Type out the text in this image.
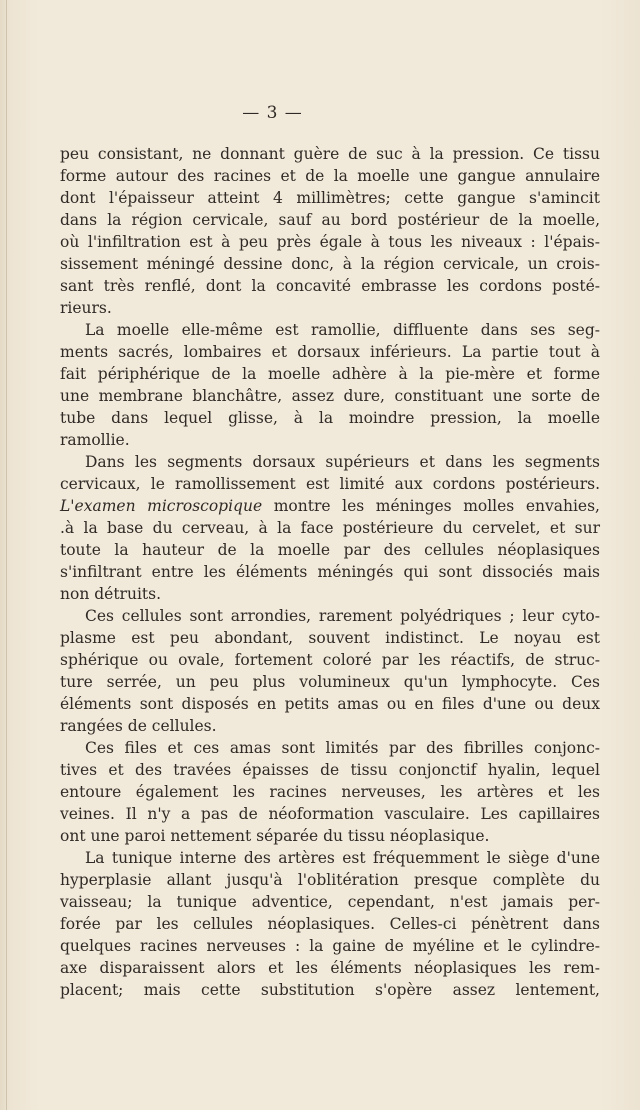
— 3 —
peu consistant, ne donnant guère de suc à la pression. Ce tissu
forme autour des racines et de la moelle une gangue annulaire
dont l'épaisseur atteint 4 millimètres; cette gangue s'amincit
dans la région cervicale, sauf au bord postérieur de la moelle,
où l'infiltration est à peu près égale à tous les niveaux : l'épais-
sissement méningé dessine donc, à la région cervicale, un crois-
sant très renflé, dont la concavité embrasse les cordons posté-
rieurs.
La moelle elle-même est ramollie, diffluente dans ses seg-
ments sacrés, lombaires et dorsaux inférieurs. La partie tout à
fait périphérique de la moelle adhère à la pie-mère et forme
une membrane blanchâtre, assez dure, constituant une sorte de
tube dans lequel glisse, à la moindre pression, la moelle
ramollie.
Dans les segments dorsaux supérieurs et dans les segments
cervicaux, le ramollissement est limité aux cordons postérieurs.
L'examen microscopique montre les méninges molles envahies,
.à la base du cerveau, à la face postérieure du cervelet, et sur
toute la hauteur de la moelle par des cellules néoplasiques
s'infiltrant entre les éléments méningés qui sont dissociés mais
non détruits.
Ces cellules sont arrondies, rarement polyédriques ; leur cyto-
plasme est peu abondant, souvent indistinct. Le noyau est
sphérique ou ovale, fortement coloré par les réactifs, de struc-
ture serrée, un peu plus volumineux qu'un lymphocyte. Ces
éléments sont disposés en petits amas ou en files d'une ou deux
rangées de cellules.
Ces files et ces amas sont limités par des fibrilles conjonc-
tives et des travées épaisses de tissu conjonctif hyalin, lequel
entoure également les racines nerveuses, les artères et les
veines. Il n'y a pas de néoformation vasculaire. Les capillaires
ont une paroi nettement séparée du tissu néoplasique.
La tunique interne des artères est fréquemment le siège d'une
hyperplasie allant jusqu'à l'oblitération presque complète du
vaisseau; la tunique adventice, cependant, n'est jamais per-
forée par les cellules néoplasiques. Celles-ci pénètrent dans
quelques racines nerveuses : la gaine de myéline et le cylindre-
axe disparaissent alors et les éléments néoplasiques les rem-
placent; mais cette substitution s'opère assez lentement,
